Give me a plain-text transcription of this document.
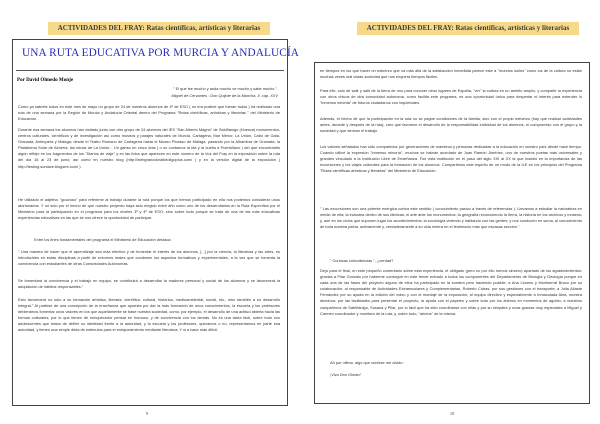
ACTIVIDADES DEL FRAY: Ratas científicas, artísticas y literarias
UNA RUTA EDUCATIVA POR MURCIA Y ANDALUCÍA
Por David Olmedo Monje
" El que lee mucho y anda mucho ve mucho y sabe mucho ".
Miguel de Cervantes : Don Quijote de la Mancha, II, cap. XXV
Como ya sabréis todos en este mes de mayo un grupo de 24 de nuestros alumnos de 4º de ESO ( no era posible que fueran todos ) ha realizado una ruta de una semana por la Región de Murcia y Andalucía Oriental dentro del Programa "Rutas científicas, artísticas y literarias " del Ministerio de Educación.
Durante esa semana los alumnos han visitado junto con otro grupo de 24 alumnos del IES "San Alberto Magno" de Sabiñánigo (Huesca) monumentos, centros culturales, científicos y de investigación así como museos y parajes naturales de Murcia, Cartagena, Mar Menor, La Unión, Cabo de Gata, Granada, Antequera y Málaga; desde el Teatro Romano de Cartagena hasta el Museo Picasso de Málaga, pasando por la Alhambra de Granada, la Plataforma Solar de Almería, las minas de La Unión... Un ganso en cinco días ( o no contamos la ida y la vuelta a Puertollano ) del que encontraréis algún reflejo en los fragmentos de los "Diarios de viaje" y en las fotos que aparecen en este número de la Voz del Fray en la exposición sobre la ruta del día 16 al 23 de junio; así como en nuestro blog (http://webgranodoraltotoligoplus.com/ ) y en la versión digital de la exposición ( http://testing.suntaxe.blogsmt.com/ ).
He utilizado el adjetivo "goozoso" para referirme al trabajo durante la ruta porque los que hemos participado en ella nos podemos considerar unos afortunados. Y no solo por el hecho de que nuestro proyecto haya sido elegido entre año como uno de los desarrollados en la Ruta Específica por el Ministerio para la participación en el programa para los niveles 3º y 4º de ESO; sino sobre todo porque se trata de una de las más educativas experiencias educativas en las que se nos ofrece la oportunidad de participar.
Entre los fines fundamentales del programa el Ministerio de Educación destaca:
" Una manera de hacer que el aprendizaje sea más efectivo y de fomentar el interés de los alumnos, [...] por la ciencia, la literatura y las artes, es introducirles en estas disciplinas a partir de entornos reales que combinen los aspectos formativos y experimentales, a la vez que se fomenta la convivencia con estudiantes de otras Comunidades Autónomas.
Se fomentará la convivencia y el trabajo en equipo, se contribuirá a desarrollar la madurez personal y social de los alumnos y se favorecerá la adquisición de hábitos responsables."
Esto favorecerá no sólo a su formación artística, literaria, científica, cultural, histórica, medioambiental, social, etc., sino también a su desarrollo integral." Al partirse de una concepción de la enseñanza que apuesta por dar la más formación de unos conocimientos, la escuela y los profesores debieramos fomentar unos valores en los que aquellamente se base nuestra sociedad, como, por ejemplo, el desarrollo de una actitud abierta hacia las formas culturales, por lo que tienen de enriquecedor pensar en humano, y de convivencia con los demás. No es una tarea fácil, sobre todo con adolescentes que tratan de definir su identidad frente a la autoridad, y la escuela y los profesores, queramos o no, representamos en parte esa autoridad, y tienen una simple dieta de estímulos para el enriquecimiento mediante literatura. Y si a hace más difícil.
9
ACTIVIDADES DEL FRAY: Ratas científicas, artísticas y literarias
en tiempos en los que hacer un esfuerzo que va más allá de la satisfacción inmediata parece este a "mundos suiles" como los de la cultura no están muchas veces mal vistas sociedad que nos enquera tiempos fáciles.
Para ello, solo dé salir y salir de la tierra de uno para conocer otros lugares de España, "ver" la cultura en un ámbito amplio, y compartir la experiencia con otros chicos de otra comunidad autónoma, como facilita este programa, es una oportunidad única para despertar el interés para extender lo "inmenso mineda" de futuros ciudadanos con inquietudes.
Además, el hecho de que la participación en la ruta no se pague condiciones de la familia, sino con el propio esfuerzo (hay que realizar actividades antes, durante y después de la ruta), creo que favorece el desarrollo de la responsabilidad individual de los alumnos, el compromiso con el grupo y la sociedad y que derivan el trabajo.
Los valores señalados han sido compartidos por generaciones de maestros y personas dedicadas a la educación en nuestro país desde hace tiempo. Cuando utilicé la expresión "inmenso minoría", muchos se habrán acordado de Juan Ramón Jiménez, uno de nuestros poetas más universales y grandes vinculado a la Institución Libre de Enseñanza. Fue esta institución en el paso del siglo XIX al XX la que insistió en la importancia de las excursiones y los viajes culturales para la formación de los alumnos. Compartimos este espíritu de un modo de la ILE en los principios del Programa "Rutas científicas artísticas y literarias" del Ministerio de Educación.
" Las excursiones son una potente enérgica contra este sentido ( conocimiento pasivo a través de referencias ). Llevamos a estudiar la naturaleza en medio de ella; la industria dentro de sus fábricas; el arte ante los monumentos; la geografía reconociendo la tierra, la historia en los archivos y museos; y, aún en los ciclos que suponen lugar los acontecimientos; la sociología viviendo y hablando con las gentes; y nos conducen en suma, al conocimiento de toda nuestra patria, activamente y, verdaderamente a su vida entera en el testimonio más que escasas sección."
" Curiosas coincidencias ", ¿verdad?
Dejo para el final, en este pequeño comentario sobre esta experiencia, el obligado (pero no por ello menos sincero) apartado de los agradecimientos: gracias a Pilar Gonzalo por haberme conseguir en este tercer entrado a todos los componentes del Departamento de Biología y Geología porque en cada una de las fases del proyecto alguno de ellos ha participado en la sombra pero haciendo posible; a Ana Llorens y Montserrat Bravo por su colaboración; al responsable de Actividades Extraescolares y Complementarias, Roberto Cubas, por sus gestiones con el transporte; a Julia Alíaste Fernández por su ayuda en la edición del vídeo y con el montaje de la exposición; al equipo directivo y especialmente a Inmaculada Alea, nuestra directora, por las facilidades para presentar el proyecto, la ayuda con el papeleo y sobre todo por los ánimos en momentos de agobio; a nuestros compañeros de Sabiñánigo, Susana y Pilar, por lo fácil que ha sido coordinarse con ellas y por su simpatía y unas gracias muy especiales a Miguel y Carmen coordinador y monitora de la ruta, y, sobre todo, "atneos" de la misma.
Ah por último, algo que cuídese me olvido:
¡Viva Don Olmán!
10
